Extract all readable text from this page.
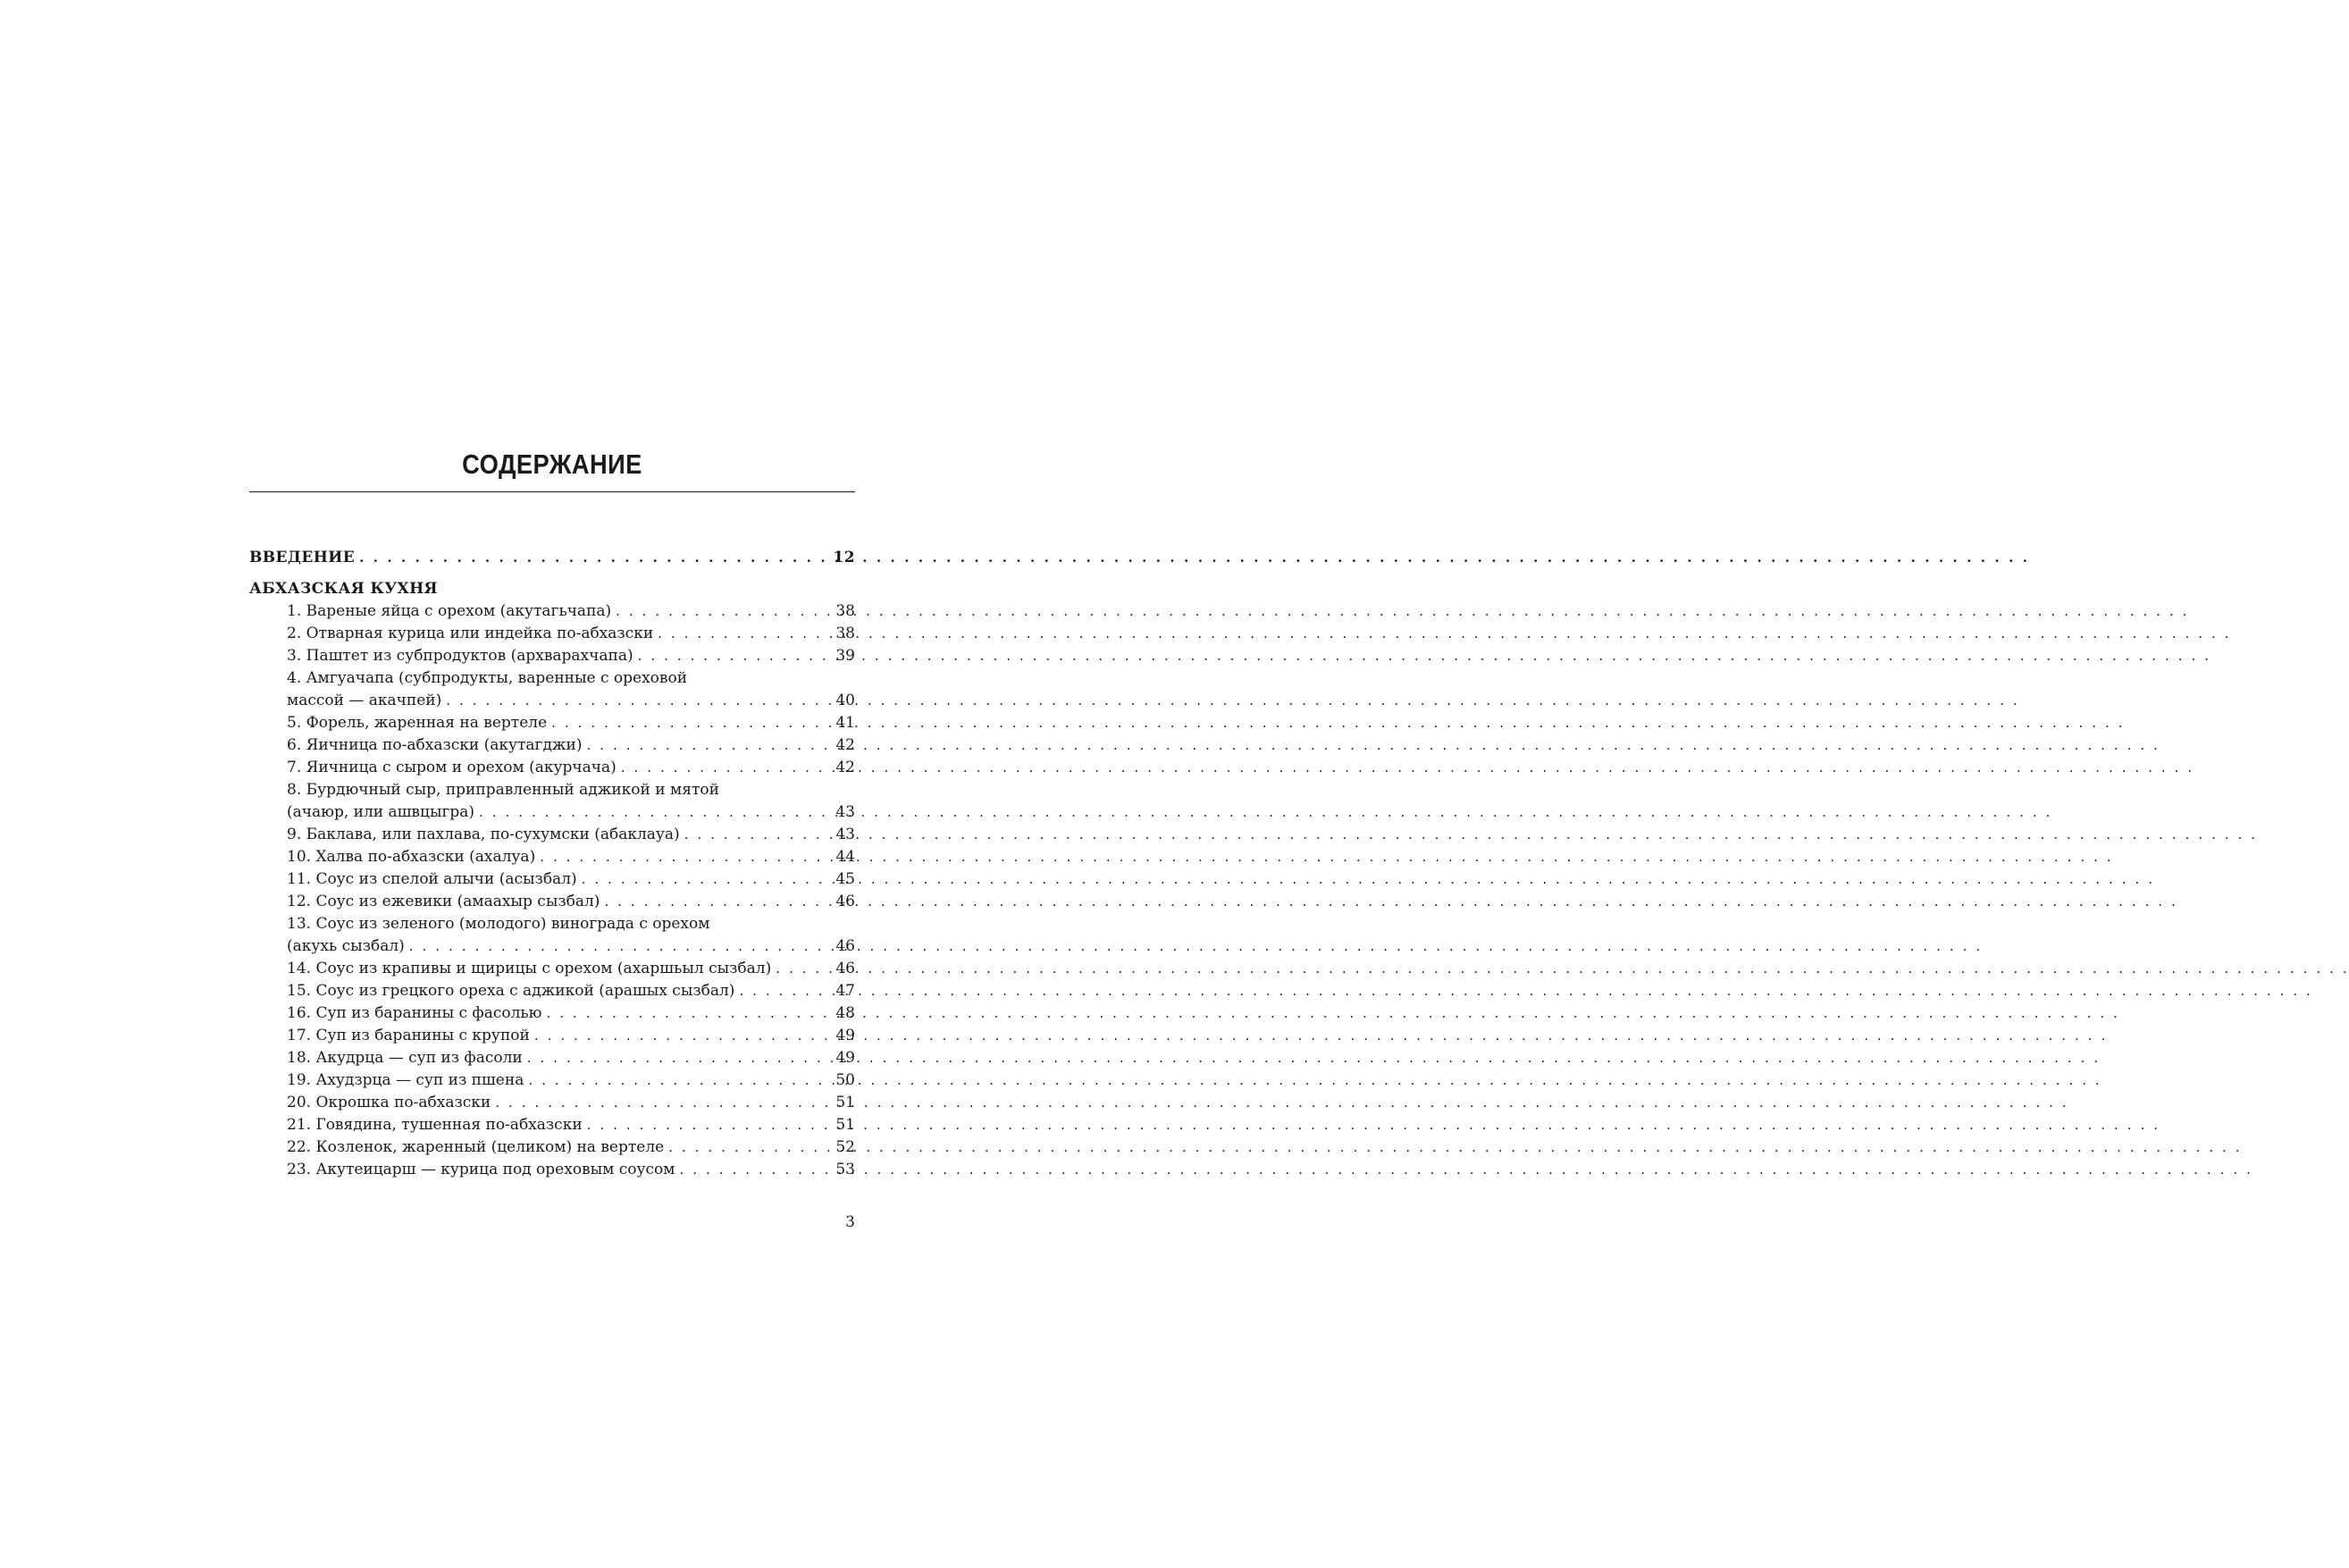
СОДЕРЖАНИЕ
ВВЕДЕНИЕ . . .	12
АБХАЗСКАЯ КУХНЯ
1. Вареные яйца с орехом (акутагьчапа) . . .	38
2. Отварная курица или индейка по-абхазски . . .	38
3. Паштет из субпродуктов (архварахчапа) . . .	39
4. Амгуачапа (субпродукты, варенные с ореховой
массой — акачпей) . . .	40
5. Форель, жаренная на вертеле . . .	41
6. Яичница по-абхазски (акутагджи) . . .	42
7. Яичница с сыром и орехом (акурчача) . . .	42
8. Бурдючный сыр, приправленный аджикой и мятой
(ачаюр, или ашвцыгра) . . .	43
9. Баклава, или пахлава, по-сухумски (абаклауа) . . .	43
10. Халва по-абхазски (ахалуа) . . .	44
11. Соус из спелой алычи (асызбал) . . .	45
12. Соус из ежевики (амаахыр сызбал) . . .	46
13. Соус из зеленого (молодого) винограда с орехом
(акухь сызбал) . . .	46
14. Соус из крапивы и щирицы с орехом (ахаршьыл сызбал) . . .	46
15. Соус из грецкого ореха с аджикой (арашых сызбал) . . .	47
16. Суп из баранины с фасолью . . .	48
17. Суп из баранины с крупой . . .	49
18. Акудрца — суп из фасоли . . .	49
19. Ахудзрца — суп из пшена . . .	50
20. Окрошка по-абхазски . . .	51
21. Говядина, тушенная по-абхазски . . .	51
22. Козленок, жаренный (целиком) на вертеле . . .	52
23. Акутеицарш — курица под ореховым соусом . . .	53
3
